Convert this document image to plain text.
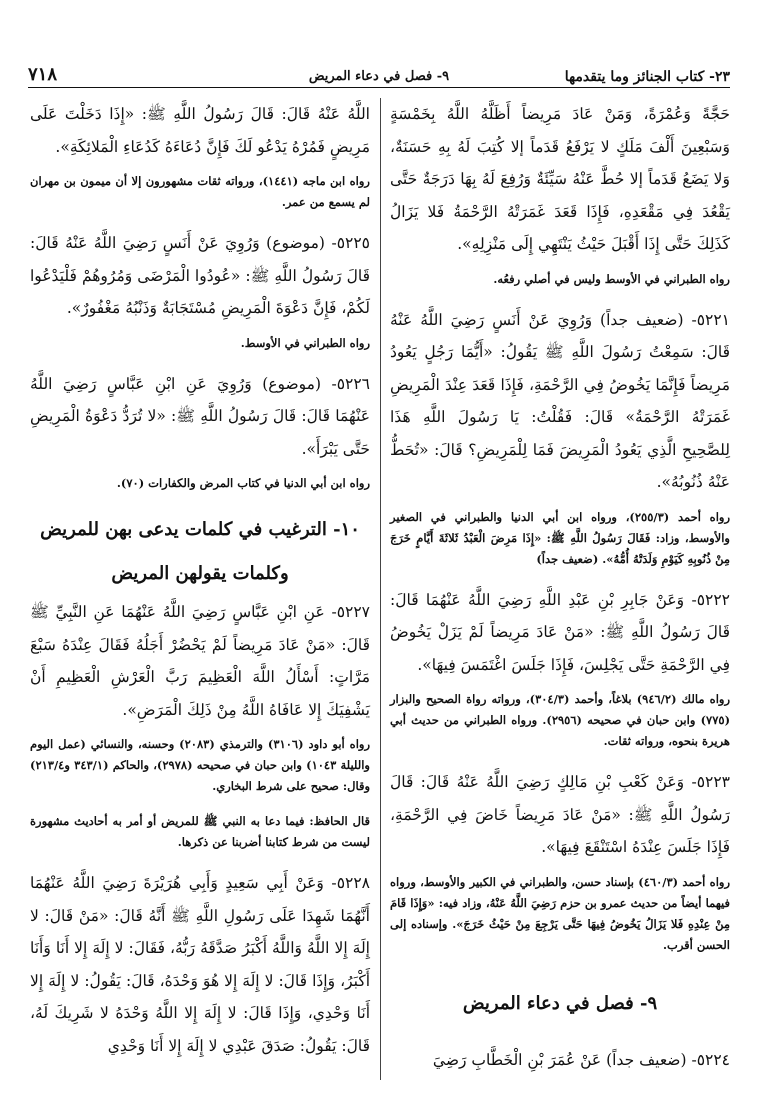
٢٣- كتاب الجنائز وما يتقدمها
٩- فصل في دعاء المريض
٧١٨

حَجَّةً وَعُمْرَةً، وَمَنْ عَادَ مَرِيضاً أَظَلَّهُ اللَّهُ بِخَمْسَةٍ وَسَبْعِينَ أَلْفَ مَلَكٍ لا يَرْفَعُ قَدَماً إلا كُتِبَ لَهُ بِهِ حَسَنَةٌ، وَلا يَضَعُ قَدَماً إلا حُطَّ عَنْهُ سَيِّئَةٌ وَرُفِعَ لَهُ بِهَا دَرَجَةٌ حَتَّى يَقْعُدَ فِي مَقْعَدِهِ، فَإِذَا قَعَدَ غَمَرَتْهُ الرَّحْمَةُ فَلا يَزَالُ كَذَلِكَ حَتَّى إِذَا أَقْبَلَ حَيْثُ يَنْتَهِي إِلَى مَنْزِلِهِ».

رواه الطبراني في الأوسط وليس في أصلي رفعُه.

٥٢٢١- (ضعيف جداً) وَرُوِيَ عَنْ أَنَسٍ رَضِيَ اللَّهُ عَنْهُ قَالَ: سَمِعْتُ رَسُولَ اللَّهِ ﷺ يَقُولُ: «أَيُّمَا رَجُلٍ يَعُودُ مَرِيضاً فَإِنَّمَا يَخُوضُ فِي الرَّحْمَةِ، فَإِذَا قَعَدَ عِنْدَ الْمَرِيضِ غَمَرَتْهُ الرَّحْمَةُ» قَالَ: فَقُلْتُ: يَا رَسُولَ اللَّهِ هَذَا لِلصَّحِيحِ الَّذِي يَعُودُ الْمَرِيضَ فَمَا لِلْمَرِيضِ؟ قَالَ: «تُحَطُّ عَنْهُ ذُنُوبُهُ».

رواه أحمد (٢٥٥/٣)، ورواه ابن أبي الدنيا والطبراني في الصغير والأوسط، وزاد: فَقَالَ رَسُولُ اللَّهِ ﷺ: «إِذَا مَرِضَ الْعَبْدُ ثَلاثَةَ أَيَّامٍ خَرَجَ مِنْ ذُنُوبِهِ كَيَوْمِ وَلَدَتْهُ أُمُّهُ». (ضعيف جداً)

٥٢٢٢- وَعَنْ جَابِرِ بْنِ عَبْدِ اللَّهِ رَضِيَ اللَّهُ عَنْهُمَا قَالَ: قَالَ رَسُولُ اللَّهِ ﷺ: «مَنْ عَادَ مَرِيضاً لَمْ يَزَلْ يَخُوضُ فِي الرَّحْمَةِ حَتَّى يَجْلِسَ، فَإِذَا جَلَسَ اغْتَمَسَ فِيهَا».

رواه مالك (٩٤٦/٢) بلاغاً، وأحمد (٣٠٤/٣)، ورواته رواة الصحيح والبزار (٧٧٥) وابن حبان في صحيحه (٢٩٥٦). ورواه الطبراني من حديث أبي هريرة بنحوه، ورواته ثقات.

٥٢٢٣- وَعَنْ كَعْبِ بْنِ مَالِكٍ رَضِيَ اللَّهُ عَنْهُ قَالَ: قَالَ رَسُولُ اللَّهِ ﷺ: «مَنْ عَادَ مَرِيضاً خَاضَ فِي الرَّحْمَةِ، فَإِذَا جَلَسَ عِنْدَهُ اسْتَنْقَعَ فِيهَا».

رواه أحمد (٤٦٠/٣) بإسناد حسن، والطبراني في الكبير والأوسط، ورواه فيهما أيضاً من حديث عمرو بن حزم رَضِيَ اللَّهُ عَنْهُ، وزاد فيه: «وَإِذَا قَامَ مِنْ عِنْدِهِ فَلا يَزَالُ يَخُوضُ فِيهَا حَتَّى يَرْجِعَ مِنْ حَيْثُ خَرَجَ». وإسناده إلى الحسن أقرب.

٩- فصل في دعاء المريض

٥٢٢٤- (ضعيف جداً) عَنْ عُمَرَ بْنِ الْخَطَّابِ رَضِيَ

اللَّهُ عَنْهُ قَالَ: قَالَ رَسُولُ اللَّهِ ﷺ: «إِذَا دَخَلْتَ عَلَى مَرِيضٍ فَمُرْهُ يَدْعُو لَكَ فَإِنَّ دُعَاءَهُ كَدُعَاءِ الْمَلائِكَةِ».

رواه ابن ماجه (١٤٤١)، ورواته ثقات مشهورون إلا أن ميمون بن مهران لم يسمع من عمر.

٥٢٢٥- (موضوع) وَرُوِيَ عَنْ أَنَسٍ رَضِيَ اللَّهُ عَنْهُ قَالَ: قَالَ رَسُولُ اللَّهِ ﷺ: «عُودُوا الْمَرْضَى وَمُرُوهُمْ فَلْيَدْعُوا لَكُمْ، فَإِنَّ دَعْوَةَ الْمَرِيضِ مُسْتَجَابَةٌ وَذَنْبُهُ مَغْفُورٌ».

رواه الطبراني في الأوسط.

٥٢٢٦- (موضوع) وَرُوِيَ عَنِ ابْنِ عَبَّاسٍ رَضِيَ اللَّهُ عَنْهُمَا قَالَ: قَالَ رَسُولُ اللَّهِ ﷺ: «لا تُرَدُّ دَعْوَةُ الْمَرِيضِ حَتَّى يَبْرَأَ».

رواه ابن أبي الدنيا في كتاب المرض والكفارات (٧٠).

١٠- الترغيب في كلمات يدعى بهن للمريض
وكلمات يقولهن المريض

٥٢٢٧- عَنِ ابْنِ عَبَّاسٍ رَضِيَ اللَّهُ عَنْهُمَا عَنِ النَّبِيِّ ﷺ قَالَ: «مَنْ عَادَ مَرِيضاً لَمْ يَحْضُرْ أَجَلُهُ فَقَالَ عِنْدَهُ سَبْعَ مَرَّاتٍ: أَسْأَلُ اللَّهَ الْعَظِيمَ رَبَّ الْعَرْشِ الْعَظِيمِ أَنْ يَشْفِيَكَ إِلا عَافَاهُ اللَّهُ مِنْ ذَلِكَ الْمَرَضِ».

رواه أبو داود (٣١٠٦) والترمذي (٢٠٨٣) وحسنه، والنسائي (عمل اليوم والليلة ١٠٤٣) وابن حبان في صحيحه (٢٩٧٨)، والحاكم (٣٤٣/١ و٢١٣/٤) وقال: صحيح على شرط البخاري.

قال الحافظ: فيما دعا به النبي ﷺ للمريض أو أمر به أحاديث مشهورة ليست من شرط كتابنا أضربنا عن ذكرها.

٥٢٢٨- وَعَنْ أَبِي سَعِيدٍ وَأَبِي هُرَيْرَةَ رَضِيَ اللَّهُ عَنْهُمَا أَنَّهُمَا شَهِدَا عَلَى رَسُولِ اللَّهِ ﷺ أَنَّهُ قَالَ: «مَنْ قَالَ: لا إِلَهَ إِلا اللَّهُ وَاللَّهُ أَكْبَرُ صَدَّقَهُ رَبُّهُ، فَقَالَ: لا إِلَهَ إِلا أَنَا وَأَنَا أَكْبَرُ، وَإِذَا قَالَ: لا إِلَهَ إِلا هُوَ وَحْدَهُ، قَالَ: يَقُولُ: لا إِلَهَ إِلا أَنَا وَحْدِي، وَإِذَا قَالَ: لا إِلَهَ إِلا اللَّهُ وَحْدَهُ لا شَرِيكَ لَهُ، قَالَ: يَقُولُ: صَدَقَ عَبْدِي لا إِلَهَ إِلا أَنَا وَحْدِي
